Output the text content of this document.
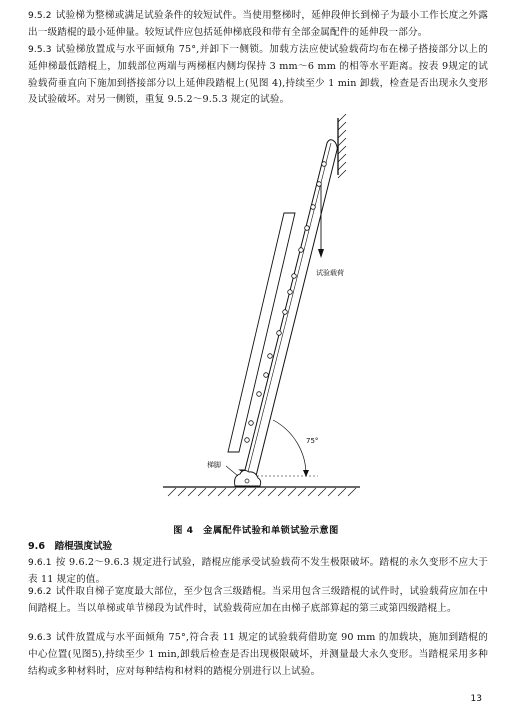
9.5.2 试验梯为整梯或满足试验条件的较短试件。当使用整梯时，延伸段伸长到梯子为最小工作长度之外露出一级踏棍的最小延伸量。较短试件应包括延伸梯底段和带有全部金属配件的延伸段一部分。
9.5.3 试验梯放置成与水平面倾角 75°,并卸下一侧锁。加载方法应使试验载荷均布在梯子搭接部分以上的延伸梯最低踏棍上，加载部位两端与两梯框内侧均保持 3 mm～6 mm 的相等水平距离。按表 9规定的试验载荷垂直向下施加到搭接部分以上延伸段踏棍上(见图 4),持续至少 1 min 卸载，检查是否出现永久变形及试验破坏。对另一侧锁，重复 9.5.2～9.5.3 规定的试验。
试验载荷
75°
梯脚
图 4　金属配件试验和单锁试验示意图
9.6　 踏棍强度试验
9.6.1 按 9.6.2～9.6.3 规定进行试验，踏棍应能承受试验载荷不发生极限破坏。踏棍的永久变形不应大于表 11 规定的值。
9.6.2 试件取自梯子宽度最大部位，至少包含三级踏棍。当采用包含三级踏棍的试件时，试验载荷应加在中间踏棍上。当以单梯或单节梯段为试件时，试验载荷应加在由梯子底部算起的第三或第四级踏棍上。
9.6.3 试件放置成与水平面倾角 75°,符合表 11 规定的试验载荷借助宽 90 mm 的加载块，施加到踏棍的中心位置(见图5),持续至少 1 min,卸载后检查是否出现极限破坏，并测量最大永久变形。当踏棍采用多种结构或多种材料时，应对每种结构和材料的踏棍分别进行以上试验。
13
